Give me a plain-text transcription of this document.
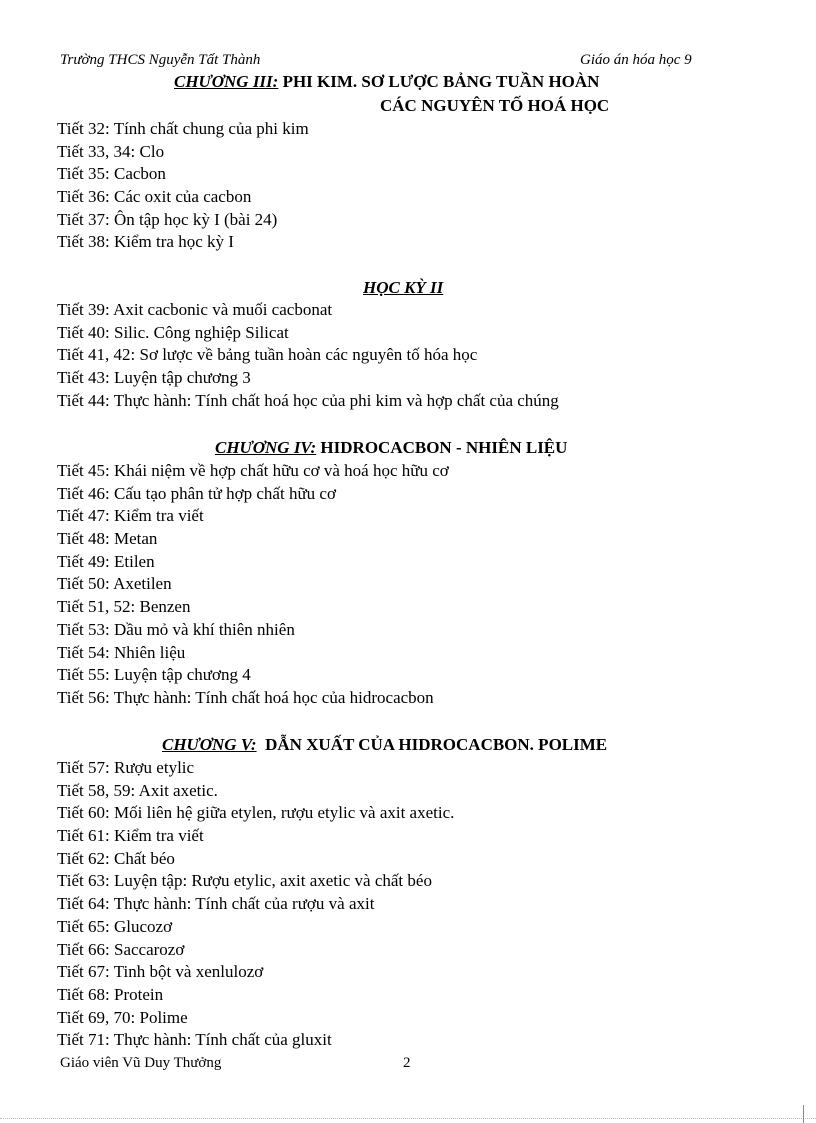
Trường THCS Nguyễn Tất Thành	Giáo án hóa học 9
CHƯƠNG III: PHI KIM. SƠ LƯỢC BẢNG TUẦN HOÀN
CÁC NGUYÊN TỐ HOÁ HỌC
Tiết 32: Tính chất chung của phi kim
Tiết 33, 34: Clo
Tiết 35: Cacbon
Tiết 36: Các oxit của cacbon
Tiết 37: Ôn tập học kỳ I (bài 24)
Tiết 38: Kiểm tra học kỳ I
HỌC KỲ II
Tiết 39: Axit cacbonic và muối cacbonat
Tiết 40: Silic. Công nghiệp Silicat
Tiết 41, 42: Sơ lược về bảng tuần hoàn các nguyên tố hóa học
Tiết 43: Luyện tập chương 3
Tiết 44: Thực hành: Tính chất hoá học của phi kim và hợp chất của chúng
CHƯƠNG IV: HIDROCACBON - NHIÊN LIỆU
Tiết 45: Khái niệm về hợp chất hữu cơ và hoá học hữu cơ
Tiết 46: Cấu tạo phân tử hợp chất hữu cơ
Tiết 47: Kiểm tra viết
Tiết 48: Metan
Tiết 49: Etilen
Tiết 50: Axetilen
Tiết 51, 52: Benzen
Tiết 53: Dầu mỏ và khí thiên nhiên
Tiết 54: Nhiên liệu
Tiết 55: Luyện tập chương 4
Tiết 56: Thực hành: Tính chất hoá học của hidrocacbon
CHƯƠNG V:  DẪN XUẤT CỦA HIDROCACBON. POLIME
Tiết 57: Rượu etylic
Tiết 58, 59: Axit axetic.
Tiết 60: Mối liên hệ giữa etylen, rượu etylic và axit axetic.
Tiết 61: Kiểm tra viết
Tiết 62: Chất béo
Tiết 63: Luyện tập: Rượu etylic, axit axetic và chất béo
Tiết 64: Thực hành: Tính chất của rượu và axit
Tiết 65: Glucozơ
Tiết 66: Saccarozơ
Tiết 67: Tinh bột và xenlulozơ
Tiết 68: Protein
Tiết 69, 70: Polime
Tiết 71: Thực hành: Tính chất của gluxit
Giáo viên Vũ Duy Thưởng	2
